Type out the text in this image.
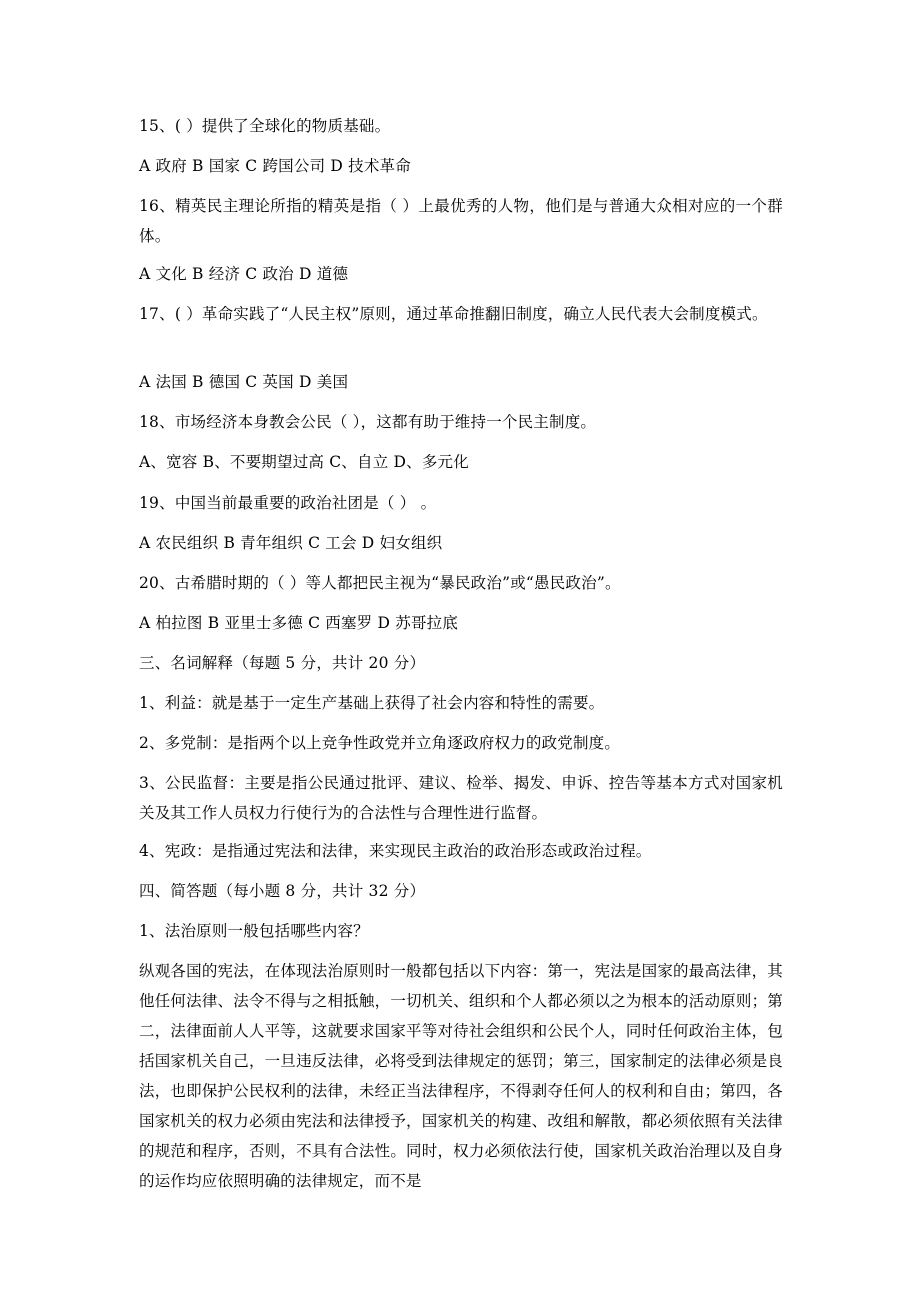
15、( ）提供了全球化的物质基础。
A 政府 B 国家 C 跨国公司 D 技术革命
16、精英民主理论所指的精英是指（ ）上最优秀的人物，他们是与普通大众相对应的一个群体。
A 文化 B 经济 C 政治 D 道德
17、( ）革命实践了“人民主权”原则，通过革命推翻旧制度，确立人民代表大会制度模式。
A 法国 B 德国 C 英国 D 美国
18、市场经济本身教会公民（ ），这都有助于维持一个民主制度。
A、宽容 B、不要期望过高 C、自立 D、多元化
19、中国当前最重要的政治社团是（ ） 。
A 农民组织 B 青年组织 C 工会 D 妇女组织
20、古希腊时期的（ ）等人都把民主视为“暴民政治”或“愚民政治”。
A 柏拉图 B 亚里士多德 C 西塞罗 D 苏哥拉底
三、名词解释（每题 5 分，共计 20 分）
1、利益：就是基于一定生产基础上获得了社会内容和特性的需要。
2、多党制：是指两个以上竞争性政党并立角逐政府权力的政党制度。
3、公民监督：主要是指公民通过批评、建议、检举、揭发、申诉、控告等基本方式对国家机关及其工作人员权力行使行为的合法性与合理性进行监督。
4、宪政：是指通过宪法和法律，来实现民主政治的政治形态或政治过程。
四、简答题（每小题 8 分，共计 32 分）
1、法治原则一般包括哪些内容？
纵观各国的宪法，在体现法治原则时一般都包括以下内容：第一，宪法是国家的最高法律，其他任何法律、法令不得与之相抵触，一切机关、组织和个人都必须以之为根本的活动原则；第二，法律面前人人平等，这就要求国家平等对待社会组织和公民个人，同时任何政治主体，包括国家机关自己，一旦违反法律，必将受到法律规定的惩罚；第三，国家制定的法律必须是良法，也即保护公民权利的法律，未经正当法律程序，不得剥夺任何人的权利和自由；第四，各国家机关的权力必须由宪法和法律授予，国家机关的构建、改组和解散，都必须依照有关法律的规范和程序，否则，不具有合法性。同时，权力必须依法行使，国家机关政治治理以及自身的运作均应依照明确的法律规定，而不是
